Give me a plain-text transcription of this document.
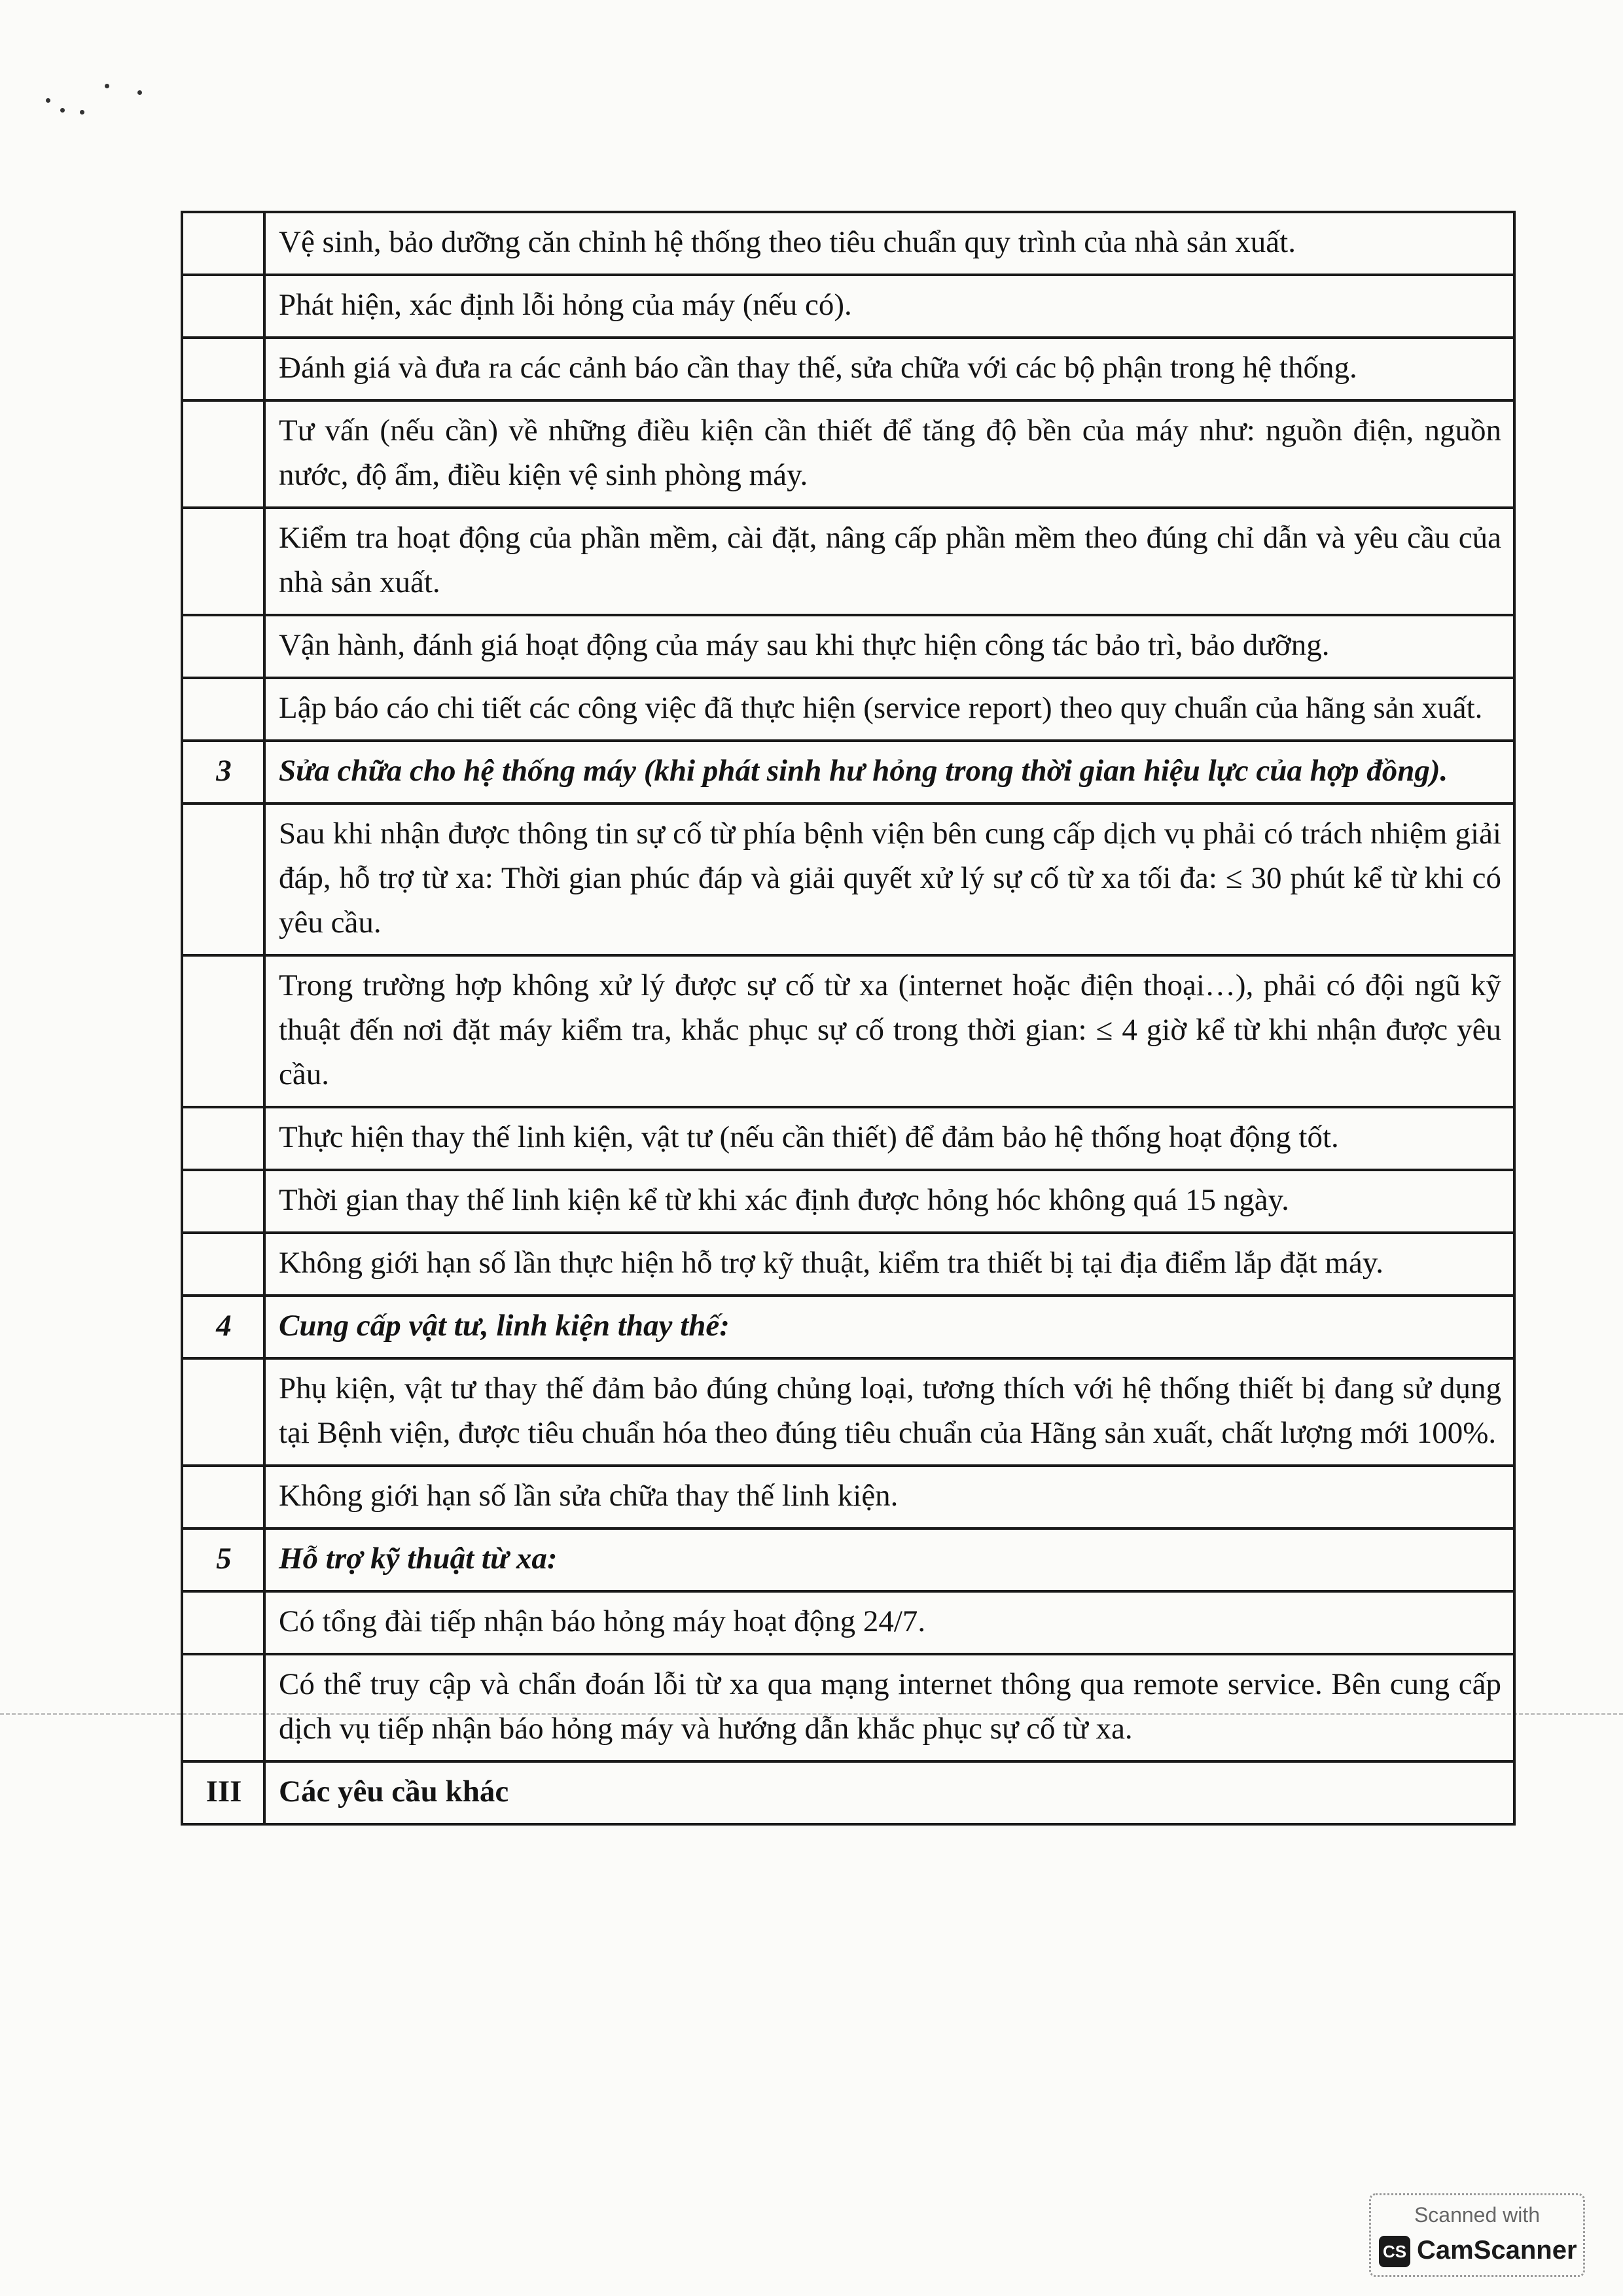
	Vệ sinh, bảo dưỡng căn chỉnh hệ thống theo tiêu chuẩn quy trình của nhà sản xuất.
	Phát hiện, xác định lỗi hỏng của máy (nếu có).
	Đánh giá và đưa ra các cảnh báo cần thay thế, sửa chữa với các bộ phận trong hệ thống.
	Tư vấn (nếu cần) về những điều kiện cần thiết để tăng độ bền của máy như: nguồn điện, nguồn nước, độ ẩm, điều kiện vệ sinh phòng máy.
	Kiểm tra hoạt động của phần mềm, cài đặt, nâng cấp phần mềm theo đúng chỉ dẫn và yêu cầu của nhà sản xuất.
	Vận hành, đánh giá hoạt động của máy sau khi thực hiện công tác bảo trì, bảo dưỡng.
	Lập báo cáo chi tiết các công việc đã thực hiện (service report) theo quy chuẩn của hãng sản xuất.
3	Sửa chữa cho hệ thống máy (khi phát sinh hư hỏng trong thời gian hiệu lực của hợp đồng).
	Sau khi nhận được thông tin sự cố từ phía bệnh viện bên cung cấp dịch vụ phải có trách nhiệm giải đáp, hỗ trợ từ xa: Thời gian phúc đáp và giải quyết xử lý sự cố từ xa tối đa: ≤ 30 phút kể từ khi có yêu cầu.
	Trong trường hợp không xử lý được sự cố từ xa (internet hoặc điện thoại…), phải có đội ngũ kỹ thuật đến nơi đặt máy kiểm tra, khắc phục sự cố trong thời gian: ≤ 4 giờ kể từ khi nhận được yêu cầu.
	Thực hiện thay thế linh kiện, vật tư (nếu cần thiết) để đảm bảo hệ thống hoạt động tốt.
	Thời gian thay thế linh kiện kể từ khi xác định được hỏng hóc không quá 15 ngày.
	Không giới hạn số lần thực hiện hỗ trợ kỹ thuật, kiểm tra thiết bị tại địa điểm lắp đặt máy.
4	Cung cấp vật tư, linh kiện thay thế:
	Phụ kiện, vật tư thay thế đảm bảo đúng chủng loại, tương thích với hệ thống thiết bị đang sử dụng tại Bệnh viện, được tiêu chuẩn hóa theo đúng tiêu chuẩn của Hãng sản xuất, chất lượng mới 100%.
	Không giới hạn số lần sửa chữa thay thế linh kiện.
5	Hỗ trợ kỹ thuật từ xa:
	Có tổng đài tiếp nhận báo hỏng máy hoạt động 24/7.
	Có thể truy cập và chẩn đoán lỗi từ xa qua mạng internet thông qua remote service. Bên cung cấp dịch vụ tiếp nhận báo hỏng máy và hướng dẫn khắc phục sự cố từ xa.
III	Các yêu cầu khác
Scanned with
CS CamScanner
